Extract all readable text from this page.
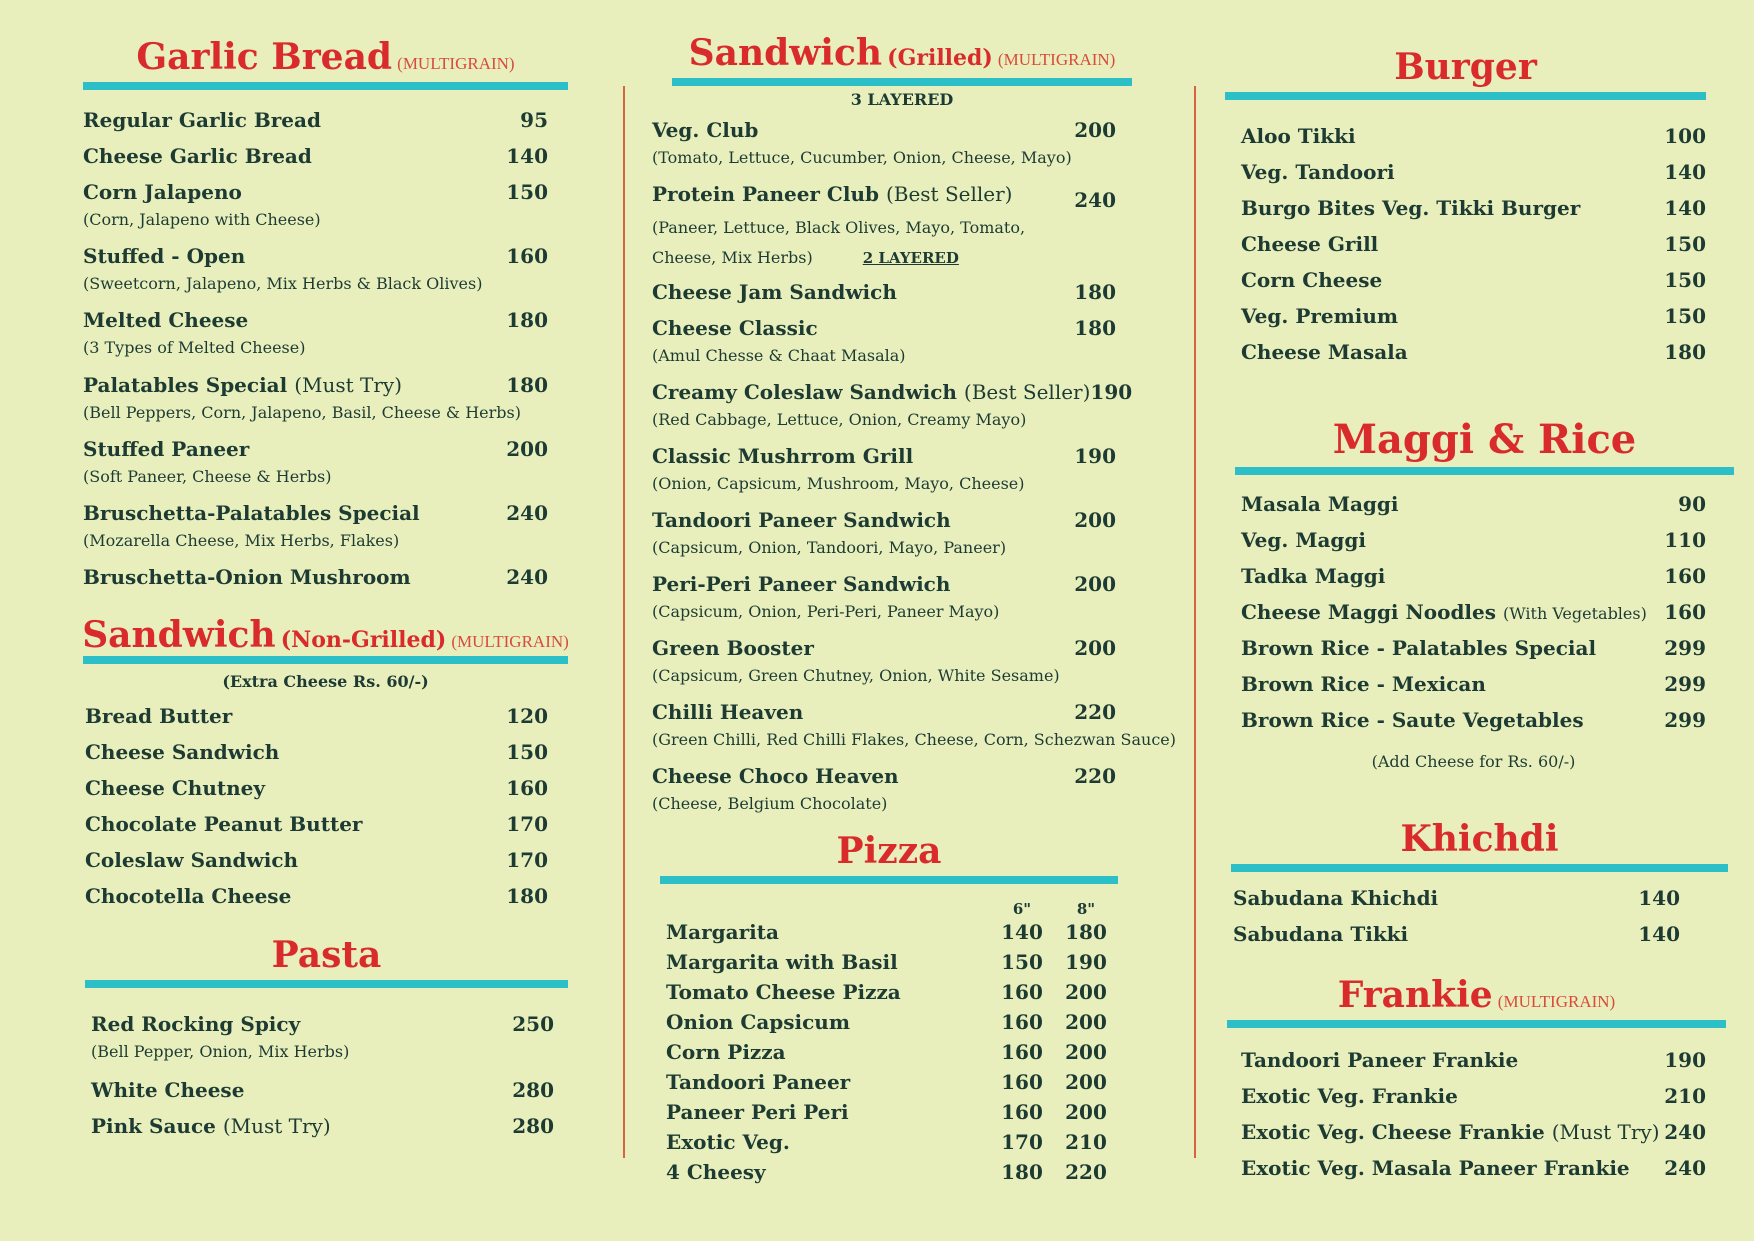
Garlic Bread (MULTIGRAIN)
Regular Garlic Bread	95
Cheese Garlic Bread	140
Corn Jalapeno	150
(Corn, Jalapeno with Cheese)
Stuffed - Open	160
(Sweetcorn, Jalapeno, Mix Herbs & Black Olives)
Melted Cheese	180
(3 Types of Melted Cheese)
Palatables Special (Must Try)	180
(Bell Peppers, Corn, Jalapeno, Basil, Cheese & Herbs)
Stuffed Paneer	200
(Soft Paneer, Cheese & Herbs)
Bruschetta-Palatables Special	240
(Mozarella Cheese, Mix Herbs, Flakes)
Bruschetta-Onion Mushroom	240
Sandwich (Non-Grilled) (MULTIGRAIN)
(Extra Cheese Rs. 60/-)
Bread Butter	120
Cheese Sandwich	150
Cheese Chutney	160
Chocolate Peanut Butter	170
Coleslaw Sandwich	170
Chocotella Cheese	180
Pasta
Red Rocking Spicy	250
(Bell Pepper, Onion, Mix Herbs)
White Cheese	280
Pink Sauce (Must Try)	280
Sandwich (Grilled) (MULTIGRAIN)
3 LAYERED
Veg. Club	200
(Tomato, Lettuce, Cucumber, Onion, Cheese, Mayo)
Protein Paneer Club (Best Seller)	240
(Paneer, Lettuce, Black Olives, Mayo, Tomato,
Cheese, Mix Herbs)	2 LAYERED
Cheese Jam Sandwich	180
Cheese Classic	180
(Amul Chesse & Chaat Masala)
Creamy Coleslaw Sandwich (Best Seller) 190
(Red Cabbage, Lettuce, Onion, Creamy Mayo)
Classic Mushrrom Grill	190
(Onion, Capsicum, Mushroom, Mayo, Cheese)
Tandoori Paneer Sandwich	200
(Capsicum, Onion, Tandoori, Mayo, Paneer)
Peri-Peri Paneer Sandwich	200
(Capsicum, Onion, Peri-Peri, Paneer Mayo)
Green Booster	200
(Capsicum, Green Chutney, Onion, White Sesame)
Chilli Heaven	220
(Green Chilli, Red Chilli Flakes, Cheese, Corn, Schezwan Sauce)
Cheese Choco Heaven	220
(Cheese, Belgium Chocolate)
Pizza
6"	8"
Margarita	140	180
Margarita with Basil	150	190
Tomato Cheese Pizza	160	200
Onion Capsicum	160	200
Corn Pizza	160	200
Tandoori Paneer	160	200
Paneer Peri Peri	160	200
Exotic Veg.	170	210
4 Cheesy	180	220
Burger
Aloo Tikki	100
Veg. Tandoori	140
Burgo Bites Veg. Tikki Burger	140
Cheese Grill	150
Corn Cheese	150
Veg. Premium	150
Cheese Masala	180
Maggi & Rice
Masala Maggi	90
Veg. Maggi	110
Tadka Maggi	160
Cheese Maggi Noodles (With Vegetables) 160
Brown Rice - Palatables Special	299
Brown Rice - Mexican	299
Brown Rice - Saute Vegetables	299
(Add Cheese for Rs. 60/-)
Khichdi
Sabudana Khichdi	140
Sabudana Tikki	140
Frankie (MULTIGRAIN)
Tandoori Paneer Frankie	190
Exotic Veg. Frankie	210
Exotic Veg. Cheese Frankie (Must Try) 240
Exotic Veg. Masala Paneer Frankie 240
